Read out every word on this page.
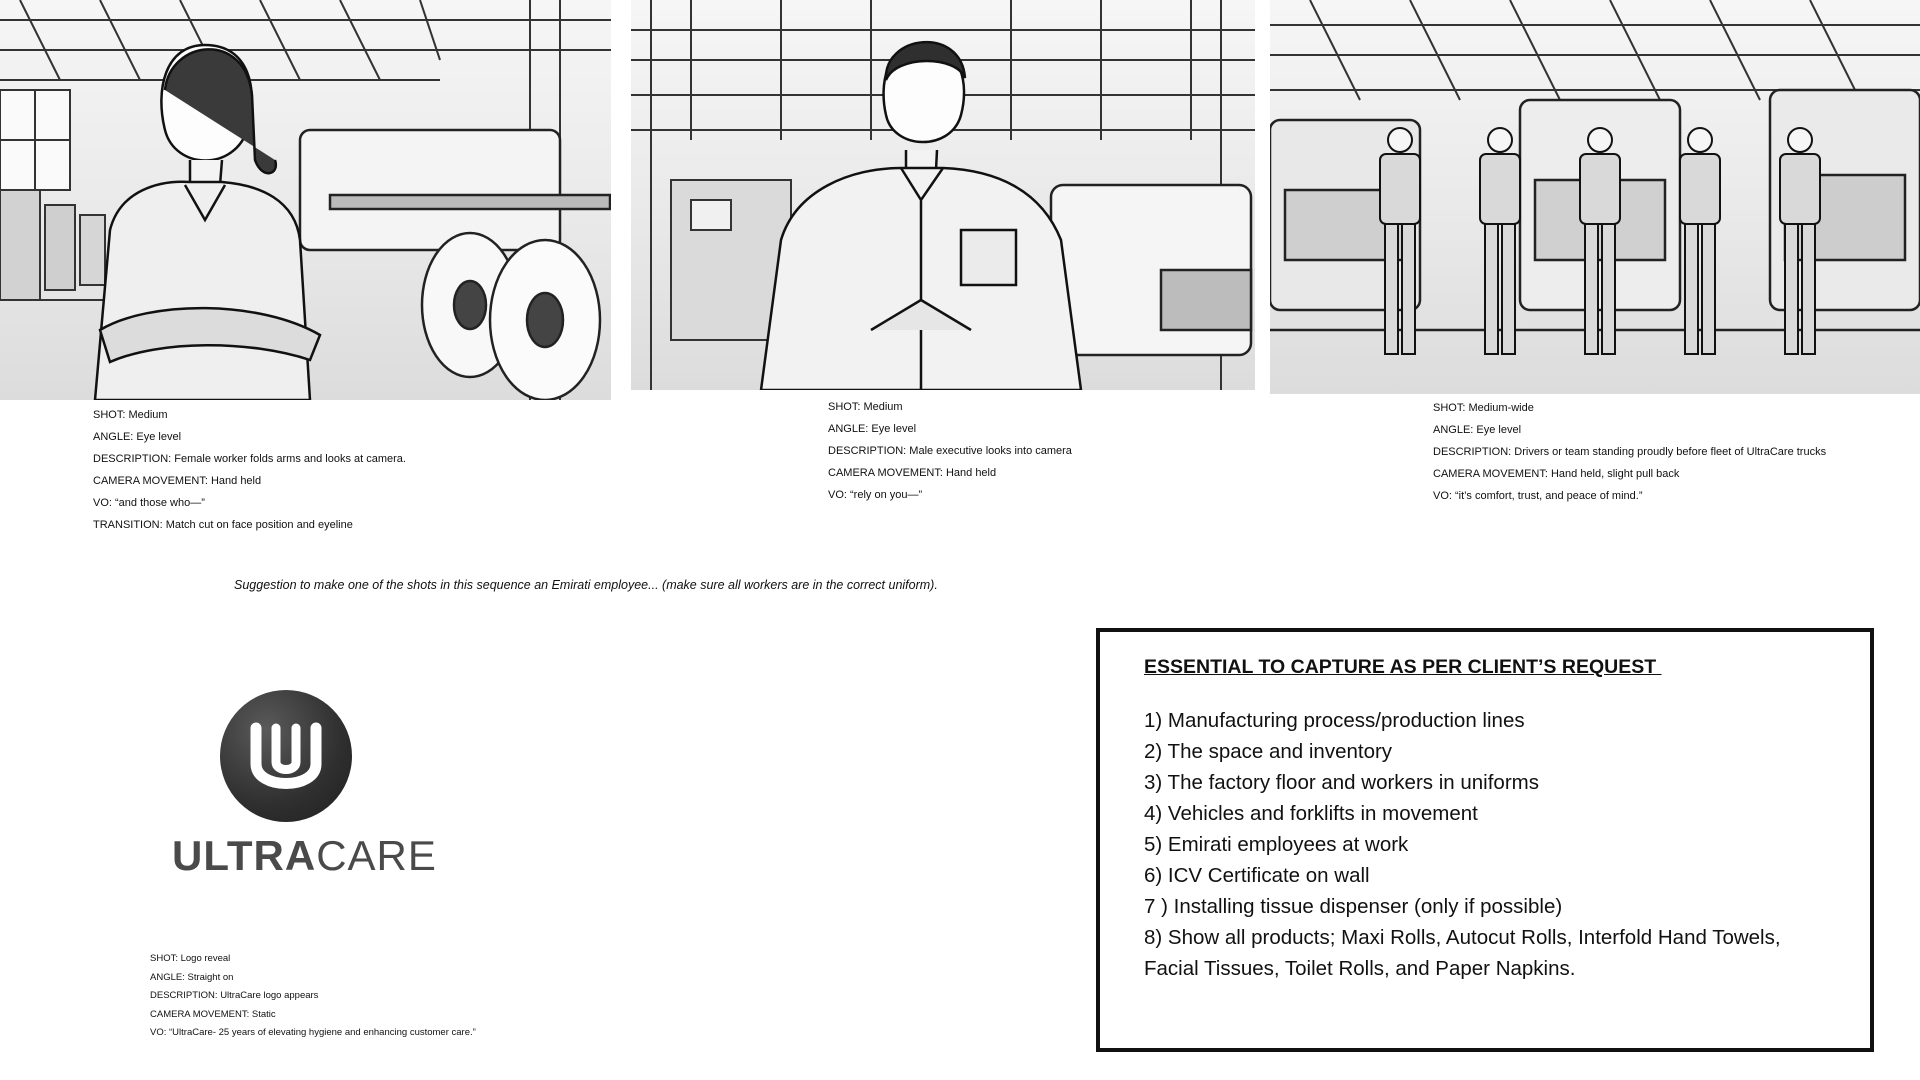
SHOT: Medium
ANGLE: Eye level
DESCRIPTION: Female worker folds arms and looks at camera.
CAMERA MOVEMENT: Hand held
VO: “and those who—”
TRANSITION: Match cut on face position and eyeline
SHOT: Medium
ANGLE: Eye level
DESCRIPTION: Male executive looks into camera
CAMERA MOVEMENT: Hand held
VO: “rely on you—”
SHOT: Medium-wide
ANGLE: Eye level
DESCRIPTION: Drivers or team standing proudly before fleet of UltraCare trucks
CAMERA MOVEMENT: Hand held, slight pull back
VO: “it’s comfort, trust, and peace of mind.”
Suggestion to make one of the shots in this sequence an Emirati employee... (make sure all workers are in the correct uniform).
ULTRACARE
SHOT: Logo reveal
ANGLE: Straight on
DESCRIPTION: UltraCare logo appears
CAMERA MOVEMENT: Static
VO: “UltraCare- 25 years of elevating hygiene and enhancing customer care.”
ESSENTIAL TO CAPTURE AS PER CLIENT’S REQUEST
1) Manufacturing process/production lines
2) The space and inventory
3) The factory floor and workers in uniforms
4) Vehicles and forklifts in movement
5) Emirati employees at work
6) ICV Certificate on wall
7 ) Installing tissue dispenser (only if possible)
8) Show all products; Maxi Rolls, Autocut Rolls, Interfold Hand Towels, Facial Tissues, Toilet Rolls, and Paper Napkins.
